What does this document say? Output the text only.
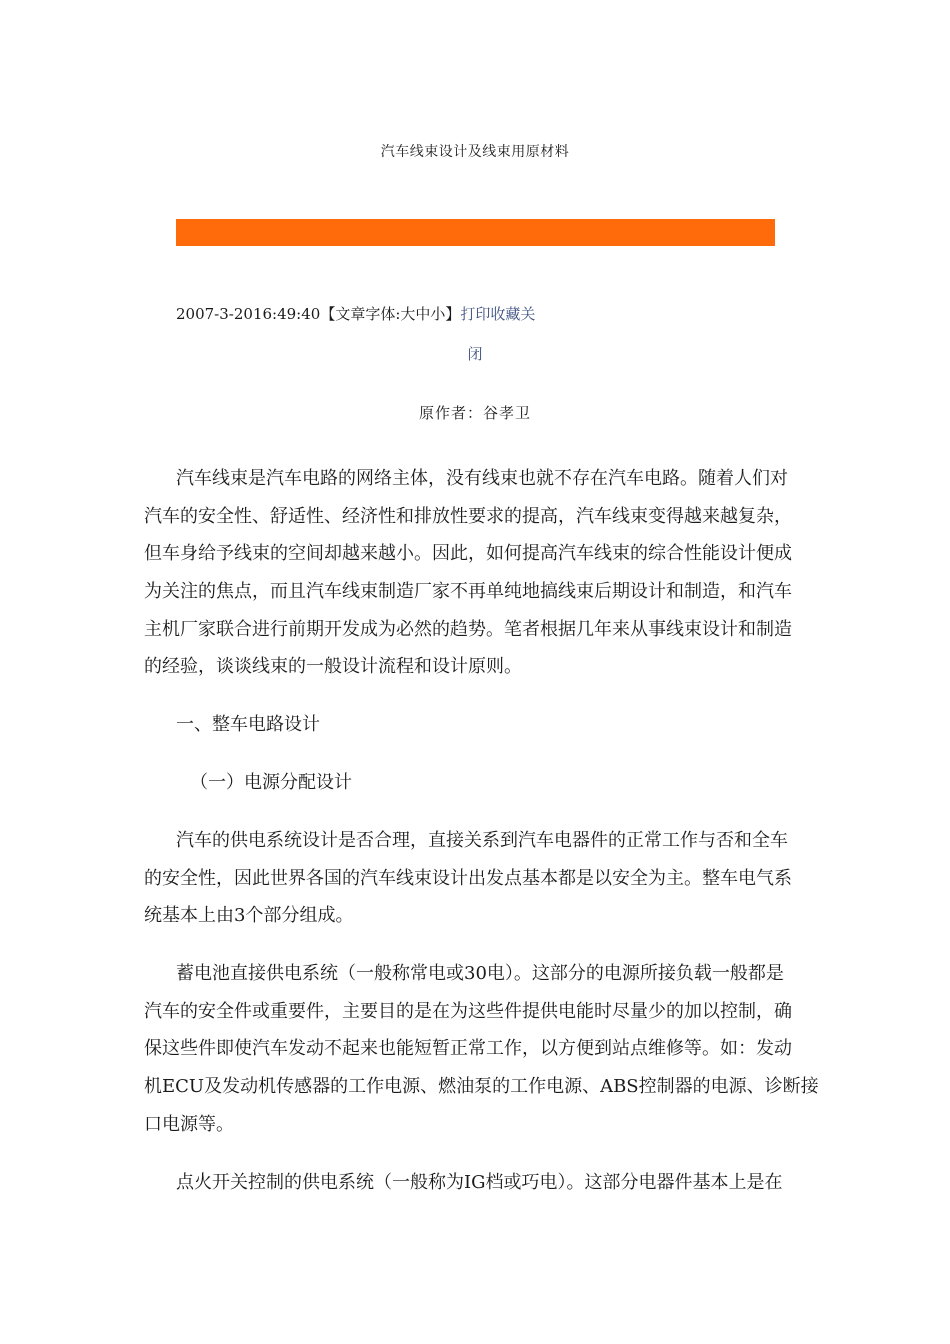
汽车线束设计及线束用原材料
2007-3-2016:49:40【文章字体:大中小】打印收藏关
闭
原作者：谷孝卫
汽车线束是汽车电路的网络主体，没有线束也就不存在汽车电路。随着人们对
汽车的安全性、舒适性、经济性和排放性要求的提高，汽车线束变得越来越复杂，
但车身给予线束的空间却越来越小。因此，如何提高汽车线束的综合性能设计便成
为关注的焦点，而且汽车线束制造厂家不再单纯地搞线束后期设计和制造，和汽车
主机厂家联合进行前期开发成为必然的趋势。笔者根据几年来从事线束设计和制造
的经验，谈谈线束的一般设计流程和设计原则。
一、整车电路设计
（一）电源分配设计
汽车的供电系统设计是否合理，直接关系到汽车电器件的正常工作与否和全车
的安全性，因此世界各国的汽车线束设计出发点基本都是以安全为主。整车电气系
统基本上由3个部分组成。
蓄电池直接供电系统（一般称常电或30电）。这部分的电源所接负载一般都是
汽车的安全件或重要件，主要目的是在为这些件提供电能时尽量少的加以控制，确
保这些件即使汽车发动不起来也能短暂正常工作，以方便到站点维修等。如：发动
机ECU及发动机传感器的工作电源、燃油泵的工作电源、ABS控制器的电源、诊断接
口电源等。
点火开关控制的供电系统（一般称为IG档或巧电）。这部分电器件基本上是在
